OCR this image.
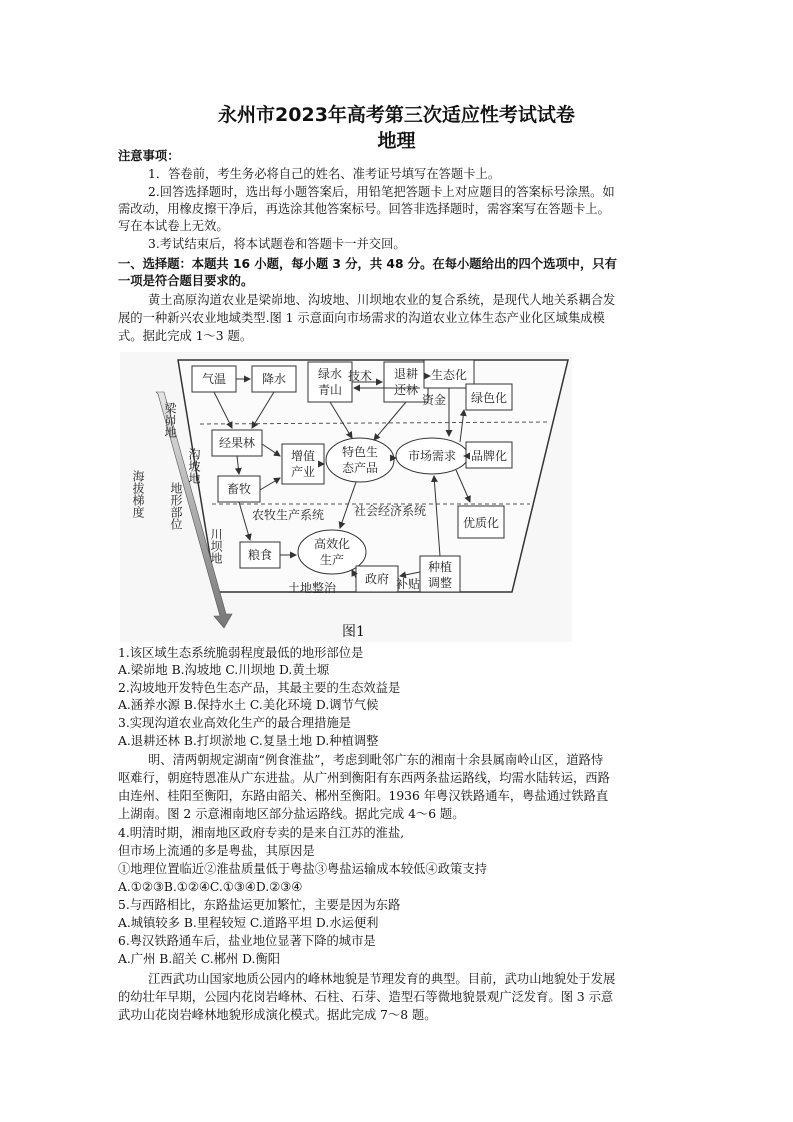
永州市2023年高考第三次适应性考试试卷
地理
注意事项：
1．答卷前，考生务必将自己的姓名、准考证号填写在答题卡上。
2.回答选择题时，选出每小题答案后，用铅笔把答题卡上对应题目的答案标号涂黑。如
需改动，用橡皮擦干净后，再选涂其他答案标号。回答非选择题时，需容案写在答题卡上。
写在本试卷上无效。
3.考试结束后，将本试题卷和答题卡一并交回。
一、选择题：本题共 16 小题，每小题 3 分，共 48 分。在每小题给出的四个选项中，只有
一项是符合题目要求的。
黄土高原沟道农业是梁峁地、沟坡地、川坝地农业的复合系统，是现代人地关系耦合发
展的一种新兴农业地域类型.图 1 示意面向市场需求的沟道农业立体生态产业化区域集成模
式。据此完成 1～3 题。
海拔梯度 地形部位
梁峁地
沟坡地
川坝地
气温	降水	绿水
青山
退耕
还林
生态化
绿色化
技术
资金
经果林
增值
产业
特色生
态产品
市场需求 品牌化
畜牧
优质化
农牧生产系统 社会经济系统
粮食
高效化
生产
政府
种植
调整
土地整治	补贴
图1
1.该区域生态系统脆弱程度最低的地形部位是
A.梁峁地 B.沟坡地 C.川坝地 D.黄土塬
2.沟坡地开发特色生态产品，其最主要的生态效益是
A.涵养水源 B.保持水土 C.美化环境 D.调节气候
3.实现沟道农业高效化生产的最合理措施是
A.退耕还林 B.打坝淤地 C.复垦土地 D.种植调整
明、清两朝规定湖南“例食淮盐”，考虑到毗邻广东的湘南十余县属南岭山区，道路恃
呕难行，朝庭特恩准从广东进盐。从广州到衡阳有东西两条盐运路线，均需水陆转运，西路
由连州、桂阳至衡阳，东路由韶关、郴州至衡阳。1936 年粤汉铁路通车，粤盐通过铁路直
上湖南。图 2 示意湘南地区部分盐运路线。据此完成 4～6 题。
4.明清时期，湘南地区政府专卖的是来自江苏的淮盐,
但市场上流通的多是粤盐，其原因是
①地理位置临近②淮盐质量低于粤盐③粤盐运输成本较低④政策支持
A.①②③B.①②④C.①③④D.②③④
5.与西路相比，东路盐运更加繁忙，主要是因为东路
A.城镇较多 B.里程较短 C.道路平坦 D.水运便利
6.粤汉铁路通车后，盐业地位显著下降的城市是
A.广州 B.韶关 C.郴州 D.衡阳
江西武功山国家地质公园内的峰林地貌是节理发育的典型。目前，武功山地貌处于发展
的幼壮年早期，公园内花岗岩峰林、石柱、石芽、造型石等微地貌景观广泛发育。图 3 示意
武功山花岗岩峰林地貌形成演化模式。据此完成 7～8 题。
